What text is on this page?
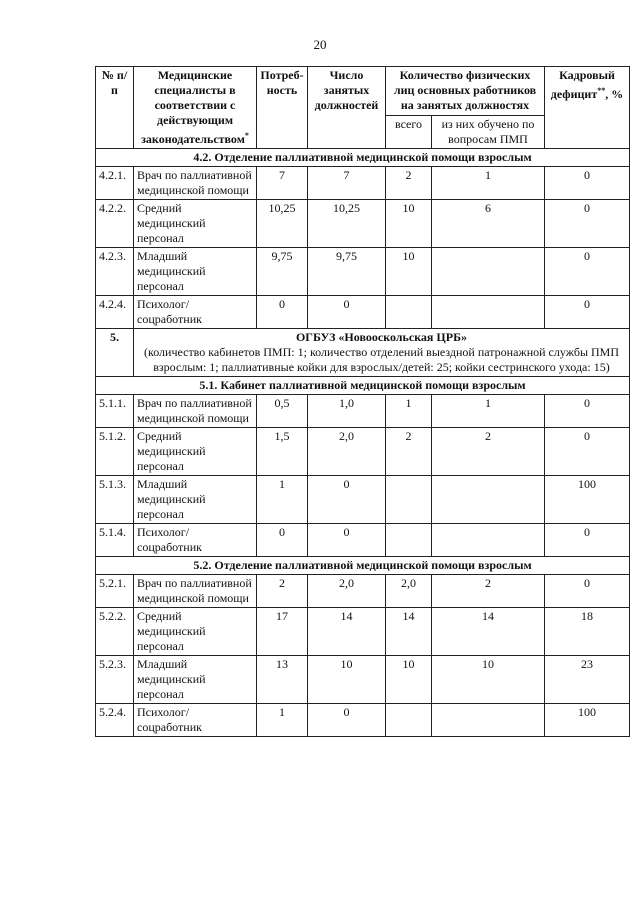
20
№ п/п	Медицинские специалисты в соответствии с действующим законодательством*	Потреб-ность	Число занятых должностей	Количество физических лиц основных работников на занятых должностях		Кадровый дефицит**, %
				всего	из них обучено по вопросам ПМП	
4.2. Отделение паллиативной медицинской помощи взрослым						
4.2.1.	Врач по паллиативной медицинской помощи	7	7	2	1	0
4.2.2.	Средний медицинский персонал	10,25	10,25	10	6	0
4.2.3.	Младший медицинский персонал	9,75	9,75	10		0
4.2.4.	Психолог/ соцработник	0	0			0
5.	ОГБУЗ «Новооскольская ЦРБ»
(количество кабинетов ПМП: 1; количество отделений выездной патронажной службы ПМП взрослым: 1; паллиативные койки для взрослых/детей: 25; койки сестринского ухода: 15)					
5.1. Кабинет паллиативной медицинской помощи взрослым						
5.1.1.	Врач по паллиативной медицинской помощи	0,5	1,0	1	1	0
5.1.2.	Средний медицинский персонал	1,5	2,0	2	2	0
5.1.3.	Младший медицинский персонал	1	0			100
5.1.4.	Психолог/ соцработник	0	0			0
5.2. Отделение паллиативной медицинской помощи взрослым						
5.2.1.	Врач по паллиативной медицинской помощи	2	2,0	2,0	2	0
5.2.2.	Средний медицинский персонал	17	14	14	14	18
5.2.3.	Младший медицинский персонал	13	10	10	10	23
5.2.4.	Психолог/ соцработник	1	0			100
